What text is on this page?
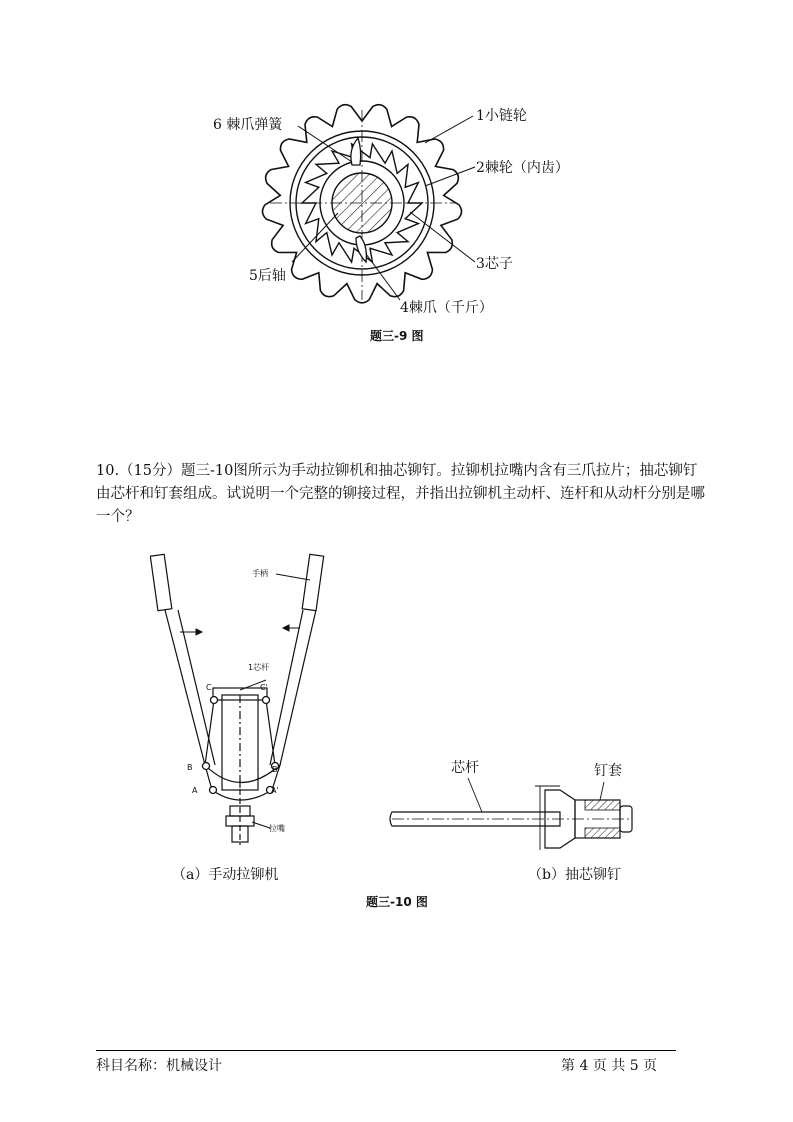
6 棘爪弹簧
1小链轮
2棘轮（内齿）
3芯子
5后轴
4棘爪（千斤）
题三-9 图
10.（15分）题三-10图所示为手动拉铆机和抽芯铆钉。拉铆机拉嘴内含有三爪拉片；抽芯铆钉由芯杆和钉套组成。试说明一个完整的铆接过程，并指出拉铆机主动杆、连杆和从动杆分别是哪一个？
手柄
1芯杆
C	C'
B	B'
A	A'
拉嘴
（a）手动拉铆机
芯杆	钉套
（b）抽芯铆钉
题三-10 图
科目名称：机械设计	第 4 页 共 5 页
